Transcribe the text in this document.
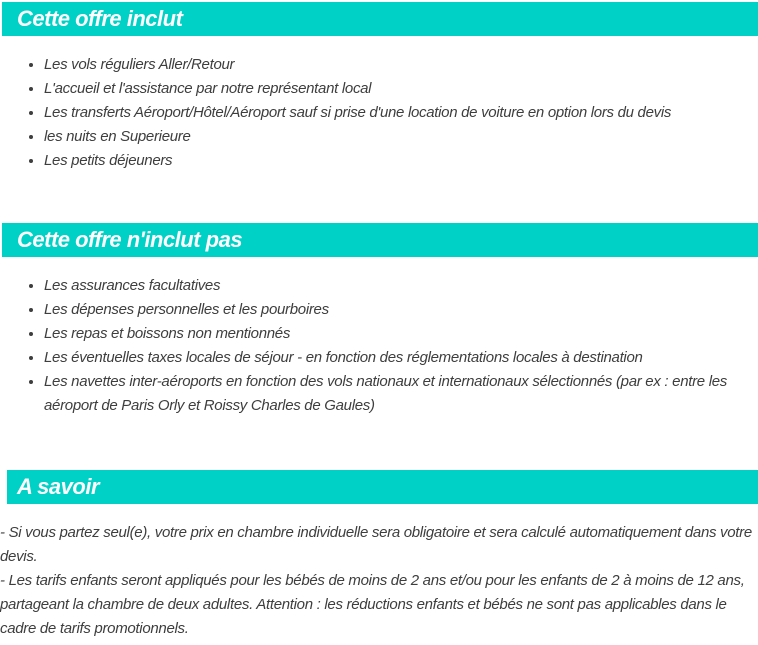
Cette offre inclut
• Les vols réguliers Aller/Retour
• L'accueil et l'assistance par notre représentant local
• Les transferts Aéroport/Hôtel/Aéroport sauf si prise d'une location de voiture en option lors du devis
• les nuits en Superieure
• Les petits déjeuners
Cette offre n'inclut pas
• Les assurances facultatives
• Les dépenses personnelles et les pourboires
• Les repas et boissons non mentionnés
• Les éventuelles taxes locales de séjour - en fonction des réglementations locales à destination
• Les navettes inter-aéroports en fonction des vols nationaux et internationaux sélectionnés (par ex : entre les aéroport de Paris Orly et Roissy Charles de Gaules)
A savoir

- Si vous partez seul(e), votre prix en chambre individuelle sera obligatoire et sera calculé automatiquement dans votre devis.

- Les tarifs enfants seront appliqués pour les bébés de moins de 2 ans et/ou pour les enfants de 2 à moins de 12 ans, partageant la chambre de deux adultes. Attention : les réductions enfants et bébés ne sont pas applicables dans le cadre de tarifs promotionnels.
